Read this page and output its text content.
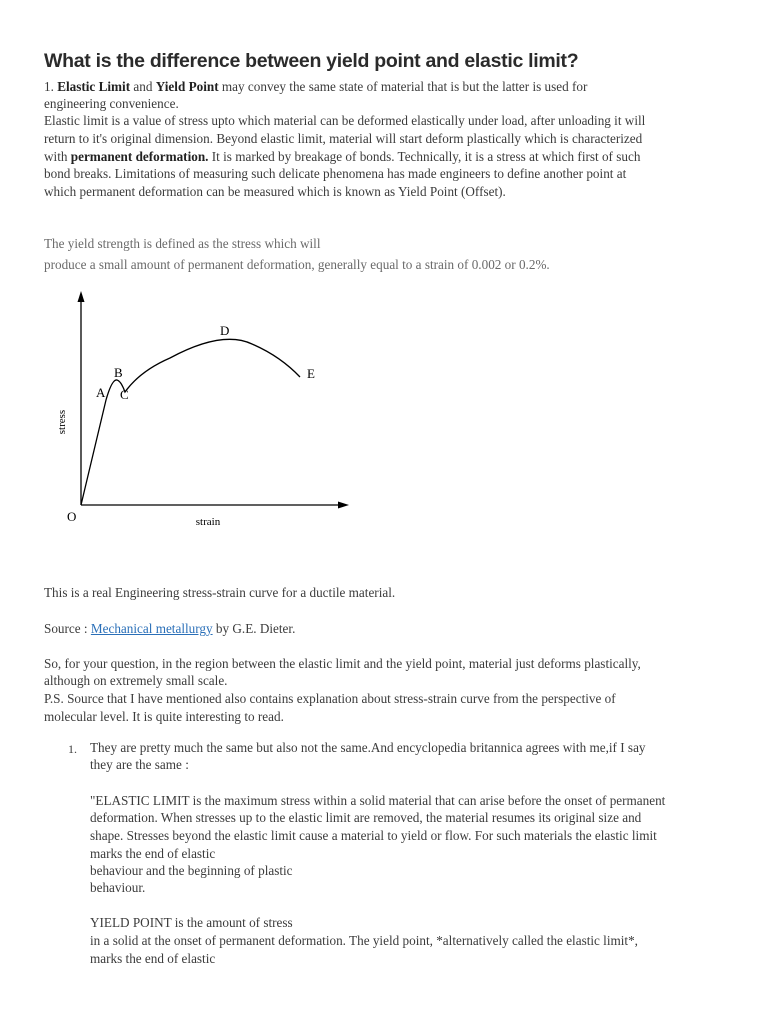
What is the difference between yield point and elastic limit?

1. Elastic Limit and Yield Point may convey the same state of material that is but the latter is used for

engineering convenience.

Elastic limit is a value of stress upto which material can be deformed elastically under load, after unloading it will

return to it's original dimension. Beyond elastic limit, material will start deform plastically which is characterized

with permanent deformation. It is marked by breakage of bonds. Technically, it is a stress at which first of such

bond breaks. Limitations of measuring such delicate phenomena has made engineers to define another point at

which permanent deformation can be measured which is known as Yield Point (Offset).

The yield strength is defined as the stress which will

produce a small amount of permanent deformation, generally equal to a strain of 0.002 or 0.2%.

A
B
C
D
E
O
stress
strain

This is a real Engineering stress-strain curve for a ductile material.

Source : Mechanical metallurgy by G.E. Dieter.

So, for your question, in the region between the elastic limit and the yield point, material just deforms plastically,

although on extremely small scale.

P.S. Source that I have mentioned also contains explanation about stress-strain curve from the perspective of

molecular level. It is quite interesting to read.

1. They are pretty much the same but also not the same.And encyclopedia britannica agrees with me,if I say

they are the same :

"ELASTIC LIMIT is the maximum stress within a solid material that can arise before the onset of permanent

deformation. When stresses up to the elastic limit are removed, the material resumes its original size and

shape. Stresses beyond the elastic limit cause a material to yield or flow. For such materials the elastic limit

marks the end of elastic

behaviour and the beginning of plastic

behaviour.

YIELD POINT is the amount of stress

in a solid at the onset of permanent deformation. The yield point, *alternatively called the elastic limit*,

marks the end of elastic
